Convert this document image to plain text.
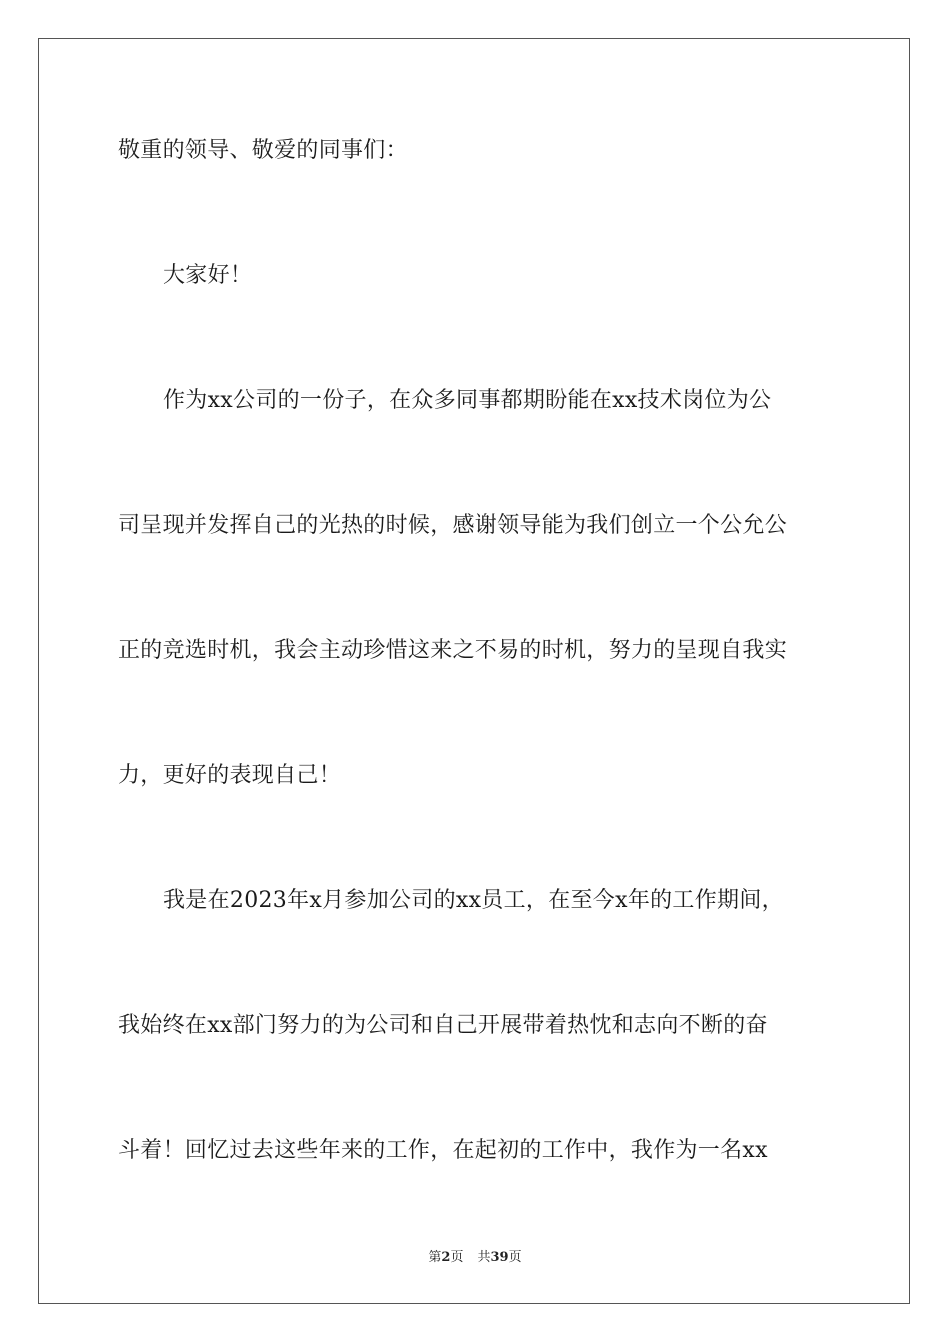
敬重的领导、敬爱的同事们：
大家好！
作为xx公司的一份子，在众多同事都期盼能在xx技术岗位为公
司呈现并发挥自己的光热的时候，感谢领导能为我们创立一个公允公
正的竞选时机，我会主动珍惜这来之不易的时机，努力的呈现自我实
力，更好的表现自己！
我是在2023年x月参加公司的xx员工，在至今x年的工作期间，
我始终在xx部门努力的为公司和自己开展带着热忱和志向不断的奋
斗着！回忆过去这些年来的工作，在起初的工作中，我作为一名xx
第2页 共39页
